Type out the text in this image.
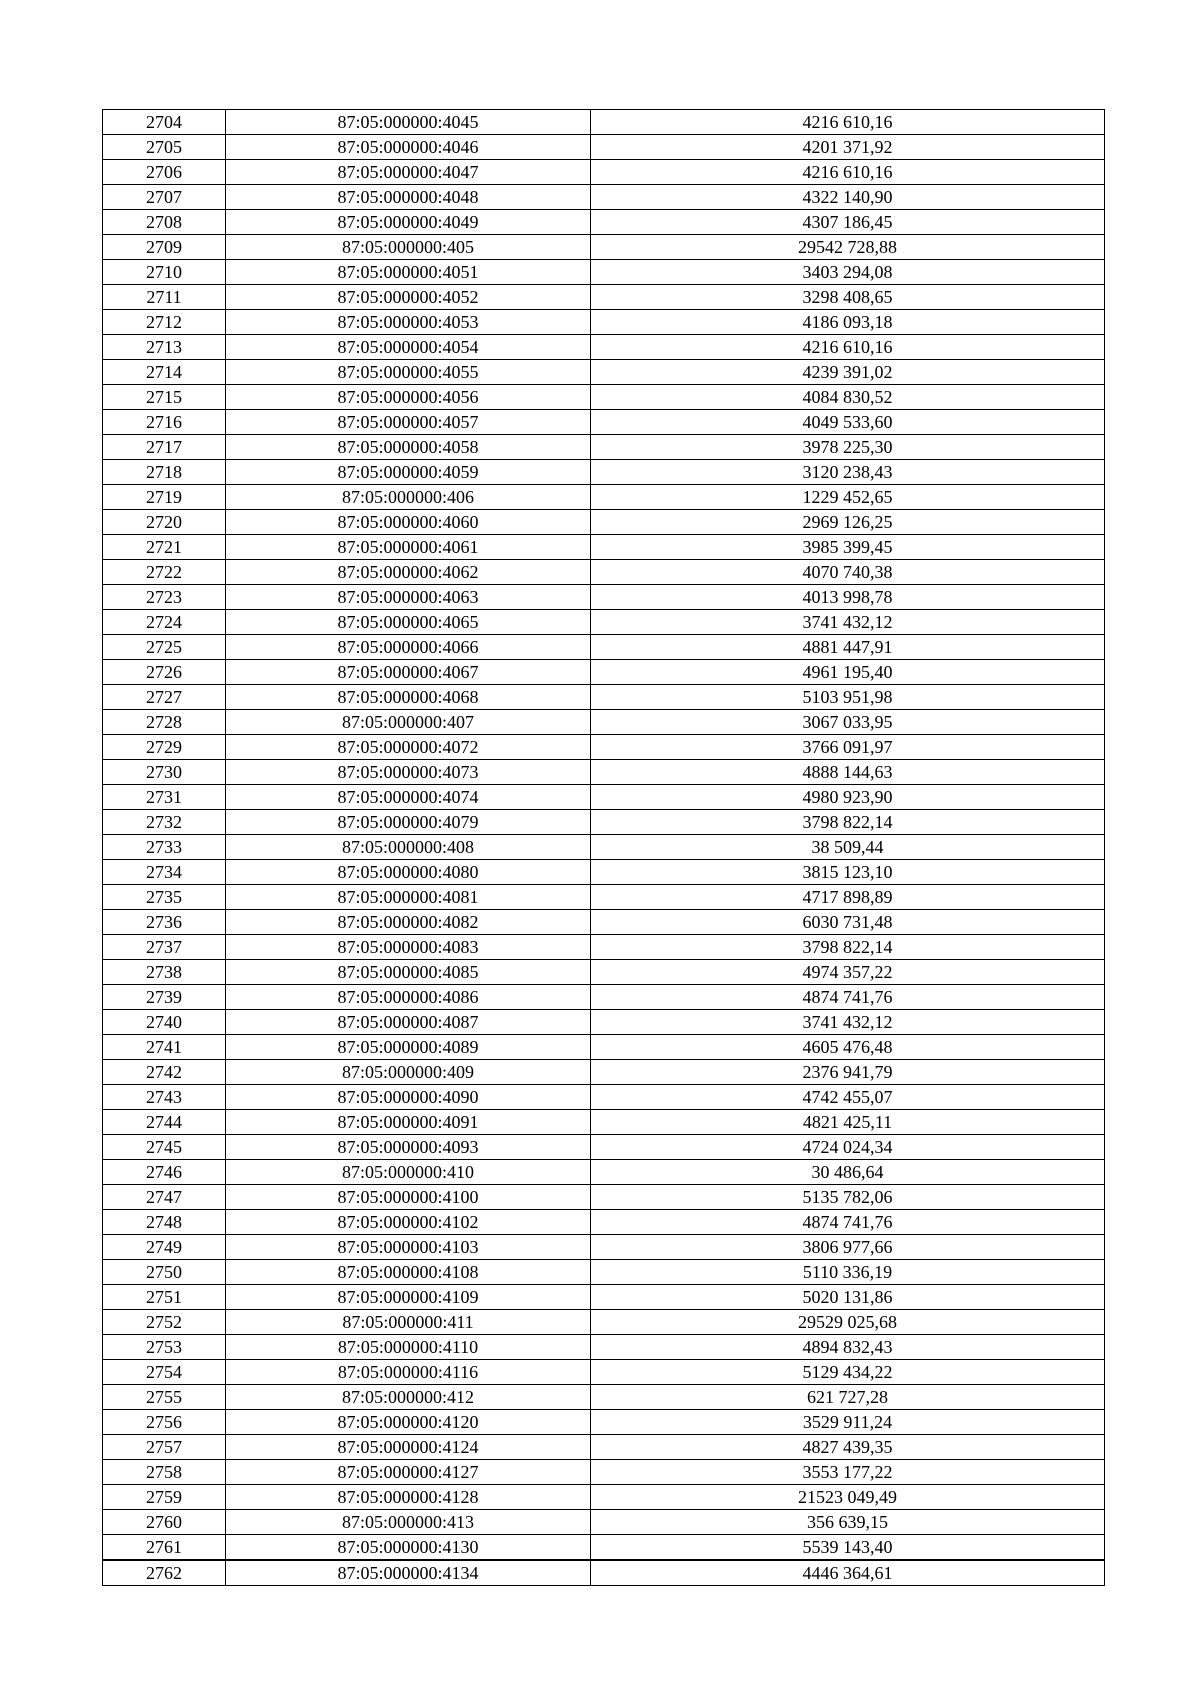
2704	87:05:000000:4045	4216 610,16
2705	87:05:000000:4046	4201 371,92
2706	87:05:000000:4047	4216 610,16
2707	87:05:000000:4048	4322 140,90
2708	87:05:000000:4049	4307 186,45
2709	87:05:000000:405	29542 728,88
2710	87:05:000000:4051	3403 294,08
2711	87:05:000000:4052	3298 408,65
2712	87:05:000000:4053	4186 093,18
2713	87:05:000000:4054	4216 610,16
2714	87:05:000000:4055	4239 391,02
2715	87:05:000000:4056	4084 830,52
2716	87:05:000000:4057	4049 533,60
2717	87:05:000000:4058	3978 225,30
2718	87:05:000000:4059	3120 238,43
2719	87:05:000000:406	1229 452,65
2720	87:05:000000:4060	2969 126,25
2721	87:05:000000:4061	3985 399,45
2722	87:05:000000:4062	4070 740,38
2723	87:05:000000:4063	4013 998,78
2724	87:05:000000:4065	3741 432,12
2725	87:05:000000:4066	4881 447,91
2726	87:05:000000:4067	4961 195,40
2727	87:05:000000:4068	5103 951,98
2728	87:05:000000:407	3067 033,95
2729	87:05:000000:4072	3766 091,97
2730	87:05:000000:4073	4888 144,63
2731	87:05:000000:4074	4980 923,90
2732	87:05:000000:4079	3798 822,14
2733	87:05:000000:408	38 509,44
2734	87:05:000000:4080	3815 123,10
2735	87:05:000000:4081	4717 898,89
2736	87:05:000000:4082	6030 731,48
2737	87:05:000000:4083	3798 822,14
2738	87:05:000000:4085	4974 357,22
2739	87:05:000000:4086	4874 741,76
2740	87:05:000000:4087	3741 432,12
2741	87:05:000000:4089	4605 476,48
2742	87:05:000000:409	2376 941,79
2743	87:05:000000:4090	4742 455,07
2744	87:05:000000:4091	4821 425,11
2745	87:05:000000:4093	4724 024,34
2746	87:05:000000:410	30 486,64
2747	87:05:000000:4100	5135 782,06
2748	87:05:000000:4102	4874 741,76
2749	87:05:000000:4103	3806 977,66
2750	87:05:000000:4108	5110 336,19
2751	87:05:000000:4109	5020 131,86
2752	87:05:000000:411	29529 025,68
2753	87:05:000000:4110	4894 832,43
2754	87:05:000000:4116	5129 434,22
2755	87:05:000000:412	621 727,28
2756	87:05:000000:4120	3529 911,24
2757	87:05:000000:4124	4827 439,35
2758	87:05:000000:4127	3553 177,22
2759	87:05:000000:4128	21523 049,49
2760	87:05:000000:413	356 639,15
2761	87:05:000000:4130	5539 143,40
2762	87:05:000000:4134	4446 364,61
